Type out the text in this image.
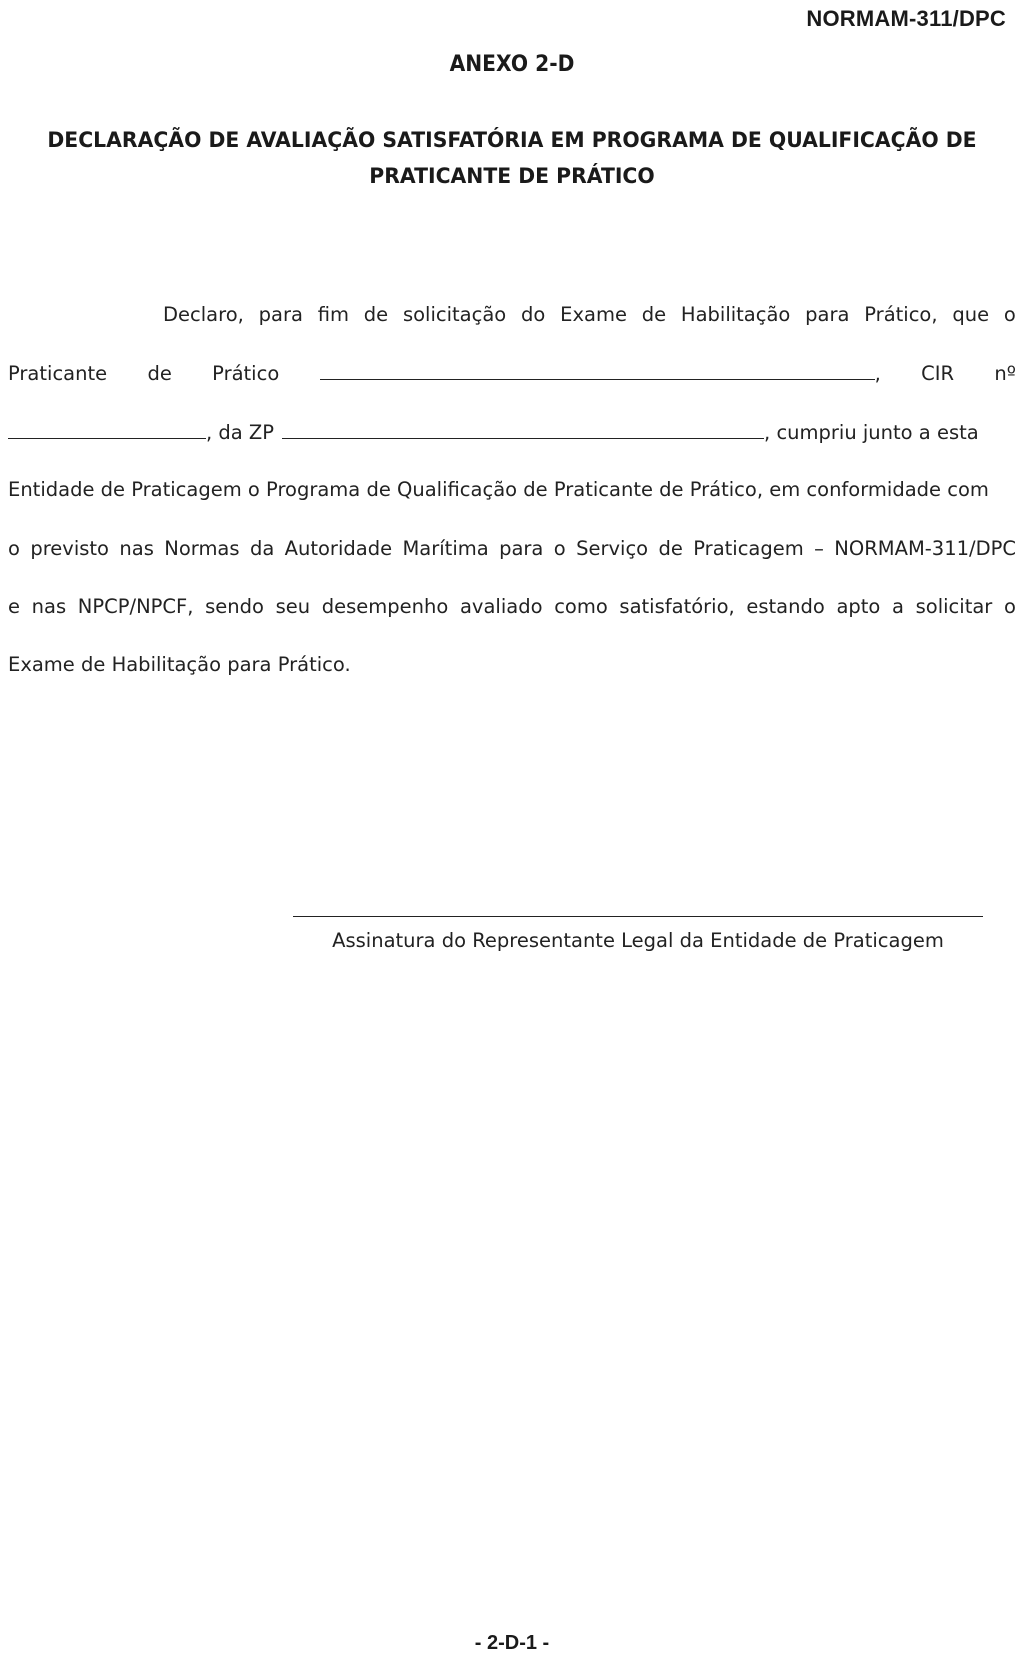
NORMAM-311/DPC
ANEXO 2-D
DECLARAÇÃO DE AVALIAÇÃO SATISFATÓRIA EM PROGRAMA DE QUALIFICAÇÃO DE
PRATICANTE DE PRÁTICO
Declaro, para fim de solicitação do Exame de Habilitação para Prático, que o
Praticante de Prático	, CIR nº
, da ZP	, cumpriu junto a esta
Entidade de Praticagem o Programa de Qualificação de Praticante de Prático, em conformidade com
o previsto nas Normas da Autoridade Marítima para o Serviço de Praticagem – NORMAM-311/DPC
e nas NPCP/NPCF, sendo seu desempenho avaliado como satisfatório, estando apto a solicitar o
Exame de Habilitação para Prático.
Assinatura do Representante Legal da Entidade de Praticagem
- 2-D-1 -
